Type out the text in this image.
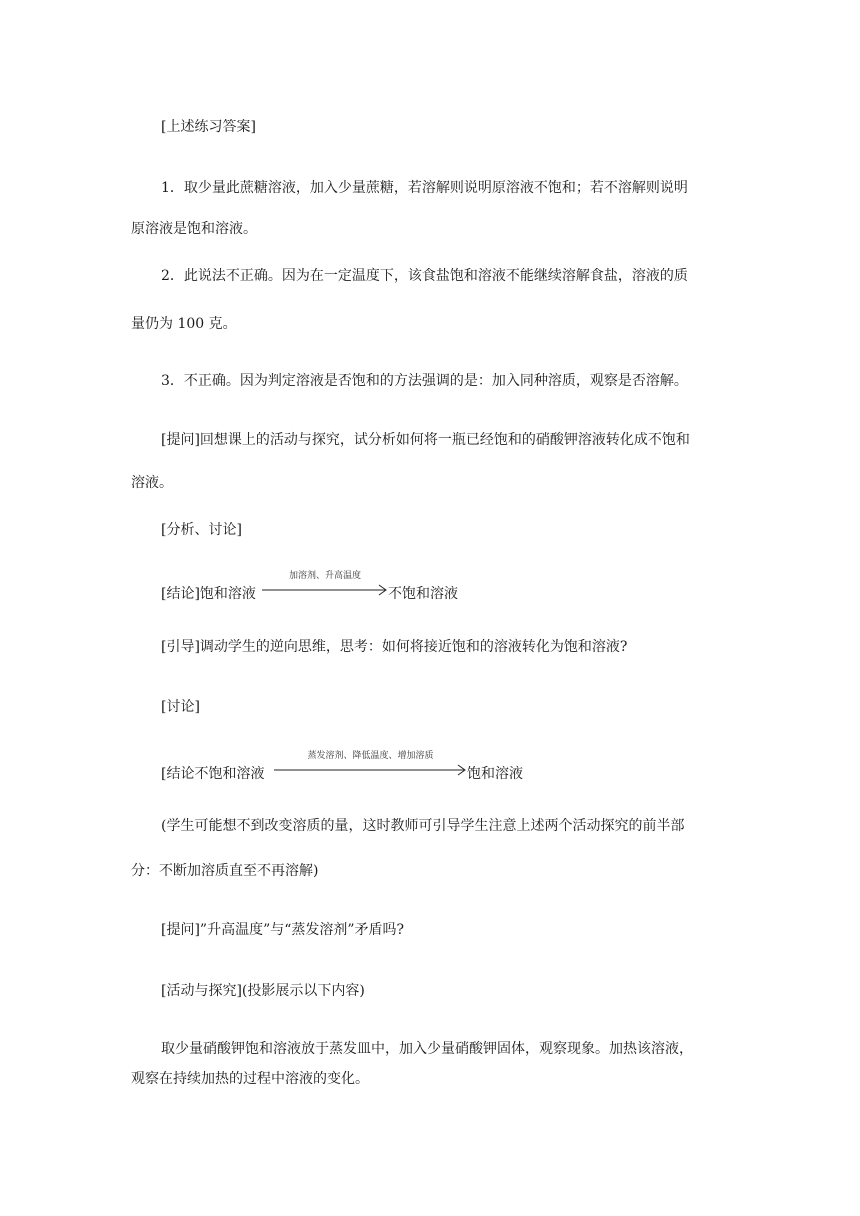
[上述练习答案]
1．取少量此蔗糖溶液，加入少量蔗糖，若溶解则说明原溶液不饱和；若不溶解则说明
原溶液是饱和溶液。
2．此说法不正确。因为在一定温度下，该食盐饱和溶液不能继续溶解食盐，溶液的质
量仍为 100 克。
3．不正确。因为判定溶液是否饱和的方法强调的是：加入同种溶质，观察是否溶解。
[提问]回想课上的活动与探究，试分析如何将一瓶已经饱和的硝酸钾溶液转化成不饱和
溶液。
[分析、讨论]
[结论]饱和溶液
加溶剂、升高温度
不饱和溶液
[引导]调动学生的逆向思维，思考：如何将接近饱和的溶液转化为饱和溶液?
[讨论]
[结论不饱和溶液
蒸发溶剂、降低温度、增加溶质
饱和溶液
(学生可能想不到改变溶质的量，这时教师可引导学生注意上述两个活动探究的前半部
分：不断加溶质直至不再溶解)
[提问]”升高温度”与“蒸发溶剂”矛盾吗?
[活动与探究](投影展示以下内容)
取少量硝酸钾饱和溶液放于蒸发皿中，加入少量硝酸钾固体，观察现象。加热该溶液，
观察在持续加热的过程中溶液的变化。
